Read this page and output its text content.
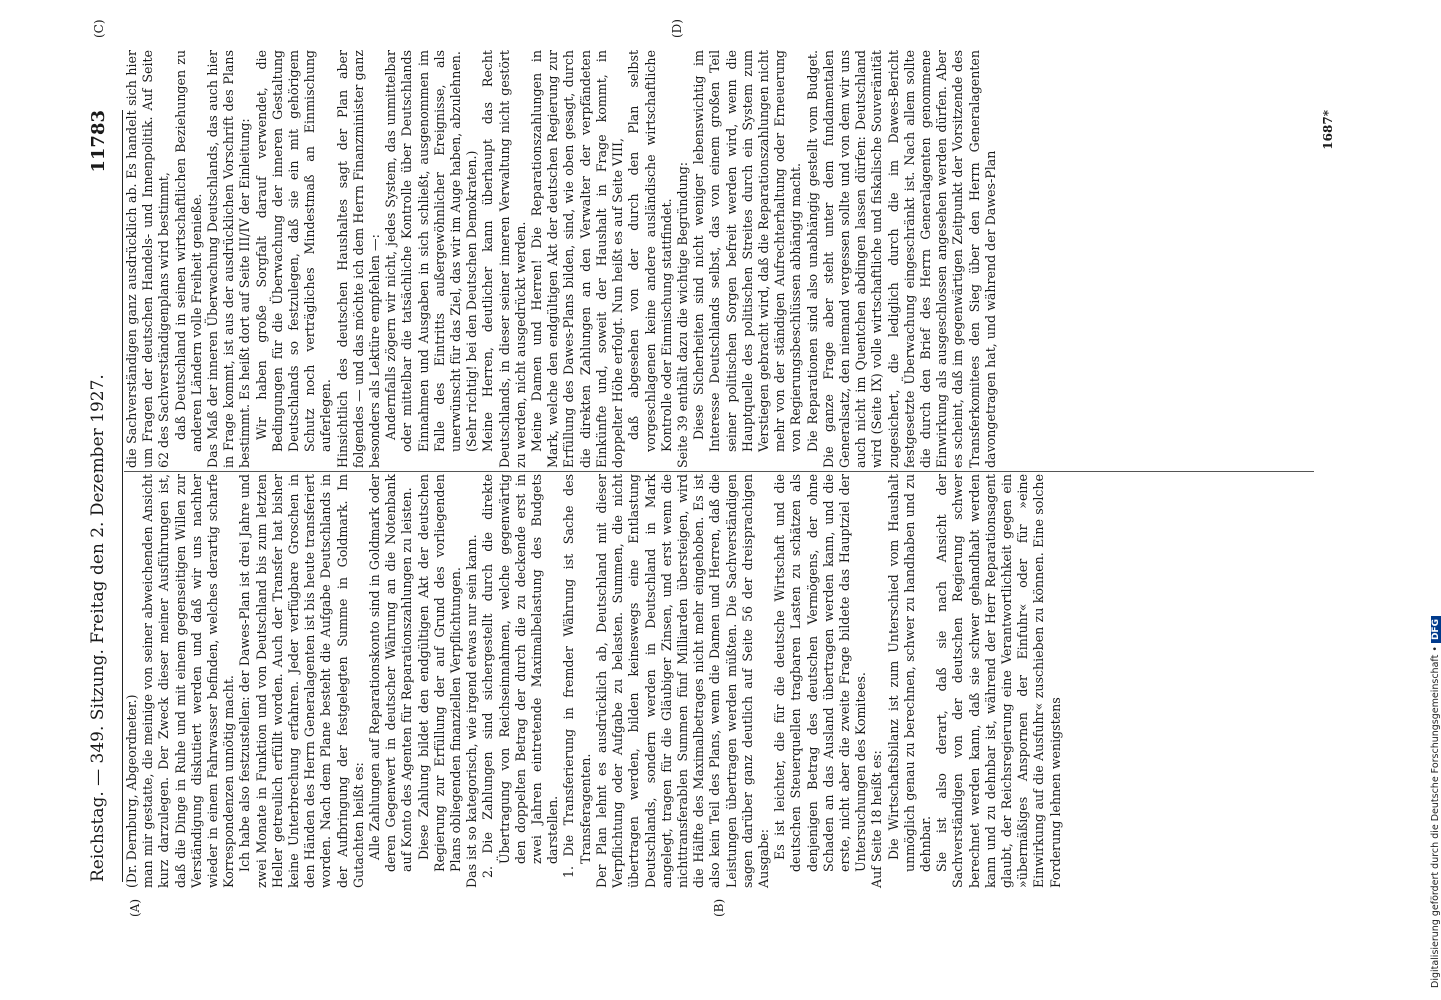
Reichstag. — 349. Sitzung. Freitag den 2. Dezember 1927.
11783
(A)	(B)
(C)	(D)

(Dr. Dernburg, Abgeordneter.) man mir gestatte, die meinige von seiner abweichenden Ansicht kurz darzulegen. Der Zweck dieser meiner Ausführungen ist, daß die Dinge in Ruhe und mit einem gegenseitigen Willen zur Verständigung diskutiert werden und daß wir uns nachher wieder in einem Fahrwasser befinden, welches derartig scharfe Korrespondenzen unnötig macht. Ich habe also festzustellen: der Dawes-Plan ist drei Jahre und zwei Monate in Funktion und von Deutschland bis zum letzten Heller getreulich erfüllt worden. Auch der Transfer hat bisher keine Unterbrechung erfahren. Jeder verfügbare Groschen in den Händen des Herrn Generalagenten ist bis heute transferiert worden. Nach dem Plane besteht die Aufgabe Deutschlands in der Aufbringung der festgelegten Summe in Goldmark. Im Gutachten heißt es: Alle Zahlungen auf Reparationskonto sind in Goldmark oder deren Gegenwert in deutscher Währung an die Notenbank auf Konto des Agenten für Reparationszahlungen zu leisten. Diese Zahlung bildet den endgültigen Akt der deutschen Regierung zur Erfüllung der auf Grund des vorliegenden Plans obliegenden finanziellen Verpflichtungen. Das ist so kategorisch, wie irgend etwas nur sein kann. 2. Die Zahlungen sind sichergestellt durch die direkte Übertragung von Reichseinnahmen, welche gegenwärtig den doppelten Betrag der durch die zu deckende erst in zwei Jahren eintretende Maximalbelastung des Budgets darstellen. 1. Die Transferierung in fremder Währung ist Sache des Transferagenten. Der Plan lehnt es ausdrücklich ab, Deutschland mit dieser Verpflichtung oder Aufgabe zu belasten. Summen, die nicht übertragen werden, bilden keineswegs eine Entlastung Deutschlands, sondern werden in Deutschland in Mark angelegt, tragen für die Gläubiger Zinsen, und erst wenn die nichttransferablen Summen fünf Milliarden übersteigen, wird die Hälfte des Maximalbetrages nicht mehr eingehoben. Es ist also kein Teil des Plans, wenn die Damen und Herren, daß die Leistungen übertragen werden müßten. Die Sachverständigen sagen darüber ganz deutlich auf Seite 56 der dreisprachigen Ausgabe: Es ist leichter, die für die deutsche Wirtschaft und die deutschen Steuerquellen tragbaren Lasten zu schätzen als denjenigen Betrag des deutschen Vermögens, der ohne Schaden an das Ausland übertragen werden kann, und die erste, nicht aber die zweite Frage bildete das Hauptziel der Untersuchungen des Komitees. Auf Seite 18 heißt es: Die Wirtschaftsbilanz ist zum Unterschied vom Haushalt unmöglich genau zu berechnen, schwer zu handhaben und zu dehnbar. Sie ist also derart, daß sie nach Ansicht der Sachverständigen von der deutschen Regierung schwer berechnet werden kann, daß sie schwer gehandhabt werden kann und zu dehnbar ist, während der Herr Reparationsagent glaubt, der Reichsregierung eine Verantwortlichkeit gegen ein »übermäßiges Anspornen der Einfuhr« oder für »eine Einwirkung auf die Ausfuhr« zuschieben zu können. Eine solche Forderung lehnen wenigstens

die Sachverständigen ganz ausdrücklich ab. Es handelt sich hier um Fragen der deutschen Handels- und Innenpolitik. Auf Seite 62 des Sachverständigenplans wird bestimmt, daß Deutschland in seinen wirtschaftlichen Beziehungen zu anderen Ländern volle Freiheit genieße. Das Maß der inneren Überwachung Deutschlands, das auch hier in Frage kommt, ist aus der ausdrücklichen Vorschrift des Plans bestimmt. Es heißt dort auf Seite III/IV der Einleitung: Wir haben große Sorgfalt darauf verwendet, die Bedingungen für die Überwachung der inneren Gestaltung Deutschlands so festzulegen, daß sie ein mit gehörigem Schutz noch verträgliches Mindestmaß an Einmischung auferlegen. Hinsichtlich des deutschen Haushaltes sagt der Plan aber folgendes — und das möchte ich dem Herrn Finanzminister ganz besonders als Lektüre empfehlen —: Andernfalls zögern wir nicht, jedes System, das unmittelbar oder mittelbar die tatsächliche Kontrolle über Deutschlands Einnahmen und Ausgaben in sich schließt, ausgenommen im Falle des Eintritts außergewöhnlicher Ereignisse, als unerwünscht für das Ziel, das wir im Auge haben, abzulehnen. (Sehr richtig! bei den Deutschen Demokraten.) Meine Herren, deutlicher kann überhaupt das Recht Deutschlands, in dieser seiner inneren Verwaltung nicht gestört zu werden, nicht ausgedrückt werden. Meine Damen und Herren! Die Reparationszahlungen in Mark, welche den endgültigen Akt der deutschen Regierung zur Erfüllung des Dawes-Plans bilden, sind, wie oben gesagt, durch die direkten Zahlungen an den Verwalter der verpfändeten Einkünfte und, soweit der Haushalt in Frage kommt, in doppelter Höhe erfolgt. Nun heißt es auf Seite VIII, daß abgesehen von der durch den Plan selbst vorgeschlagenen keine andere ausländische wirtschaftliche Kontrolle oder Einmischung stattfindet. Seite 39 enthält dazu die wichtige Begründung: Diese Sicherheiten sind nicht weniger lebenswichtig im Interesse Deutschlands selbst, das von einem großen Teil seiner politischen Sorgen befreit werden wird, wenn die Hauptquelle des politischen Streites durch ein System zum Verstiegen gebracht wird, daß die Reparationszahlungen nicht mehr von der ständigen Aufrechterhaltung oder Erneuerung von Regierungsbeschlüssen abhängig macht. Die Reparationen sind also unabhängig gestellt vom Budget. Die ganze Frage aber steht unter dem fundamentalen Generalsatz, den niemand vergessen sollte und von dem wir uns auch nicht im Quentchen abdingen lassen dürfen: Deutschland wird (Seite IX) volle wirtschaftliche und fiskalische Souveränität zugesichert, die lediglich durch die im Dawes-Bericht festgesetzte Überwachung eingeschränkt ist. Nach allem sollte die durch den Brief des Herrn Generalagenten genommene Einwirkung als ausgeschlossen angesehen werden dürfen. Aber es scheint, daß im gegenwärtigen Zeitpunkt der Vorsitzende des Transferkomitees den Sieg über den Herrn Generalagenten davongetragen hat, und während der Dawes-Plan

1687*
Digitalisierung gefördert durch die Deutsche Forschungsgemeinschaft • DFG
